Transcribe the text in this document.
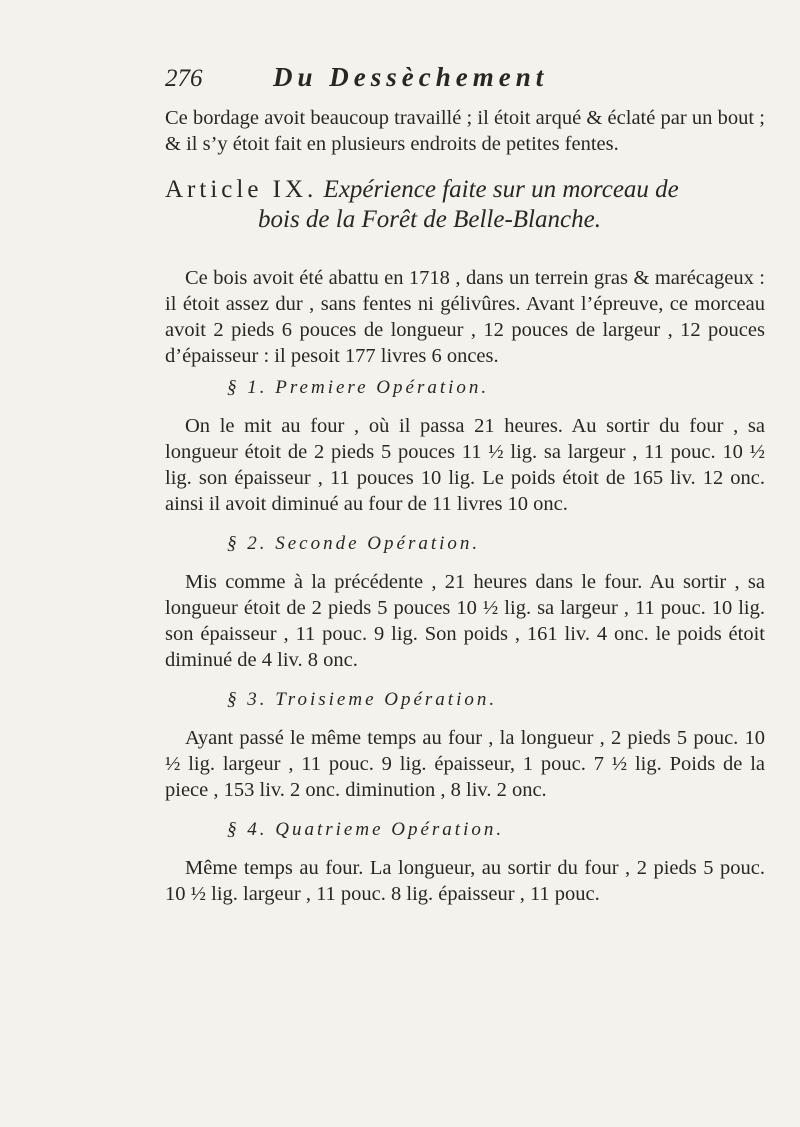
276	Du Dessèchement

Ce bordage avoit beaucoup travaillé ; il étoit arqué & éclaté par un bout ; & il s’y étoit fait en plusieurs endroits de petites fentes.

Article IX. Expérience faite sur un morceau de
bois de la Forêt de Belle-Blanche.

Ce bois avoit été abattu en 1718 , dans un terrein gras & marécageux : il étoit assez dur , sans fentes ni gélivûres. Avant l’épreuve, ce morceau avoit 2 pieds 6 pouces de longueur , 12 pouces de largeur , 12 pouces d’épaisseur : il pesoit 177 livres 6 onces.

§ 1. Premiere Opération.

On le mit au four , où il passa 21 heures. Au sortir du four , sa longueur étoit de 2 pieds 5 pouces 11 ½ lig. sa largeur , 11 pouc. 10 ½ lig. son épaisseur , 11 pouces 10 lig. Le poids étoit de 165 liv. 12 onc. ainsi il avoit diminué au four de 11 livres 10 onc.

§ 2. Seconde Opération.

Mis comme à la précédente , 21 heures dans le four. Au sortir , sa longueur étoit de 2 pieds 5 pouces 10 ½ lig. sa largeur , 11 pouc. 10 lig. son épaisseur , 11 pouc. 9 lig. Son poids , 161 liv. 4 onc. le poids étoit diminué de 4 liv. 8 onc.

§ 3. Troisieme Opération.

Ayant passé le même temps au four , la longueur , 2 pieds 5 pouc. 10 ½ lig. largeur , 11 pouc. 9 lig. épaisseur, 1 pouc. 7 ½ lig. Poids de la piece , 153 liv. 2 onc. diminution , 8 liv. 2 onc.

§ 4. Quatrieme Opération.

Même temps au four. La longueur, au sortir du four , 2 pieds 5 pouc. 10 ½ lig. largeur , 11 pouc. 8 lig. épaisseur , 11 pouc.
